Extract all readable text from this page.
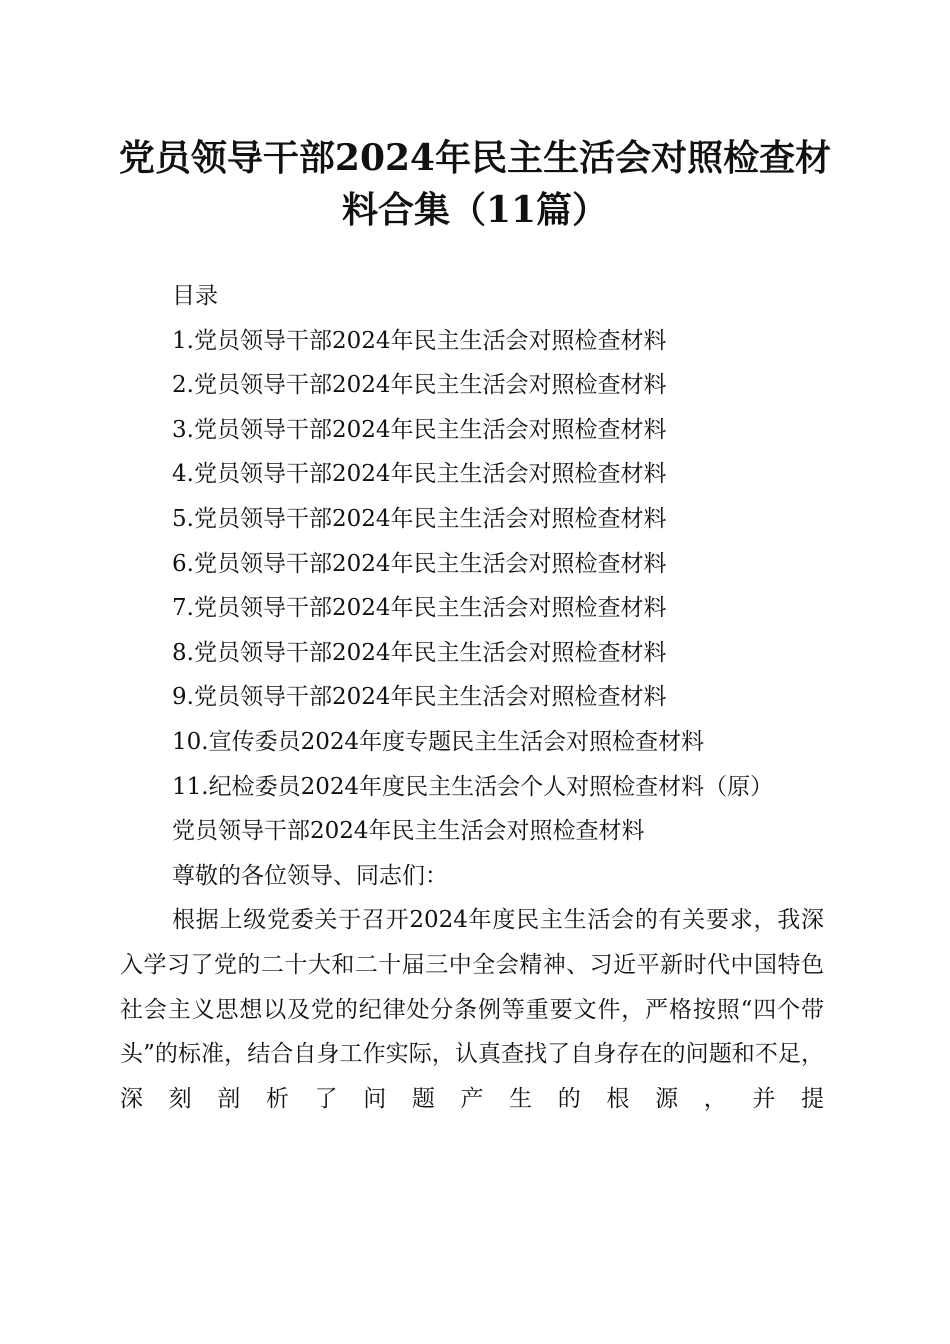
党员领导干部2024年民主生活会对照检查材料合集（11篇）
目录
1.党员领导干部2024年民主生活会对照检查材料
2.党员领导干部2024年民主生活会对照检查材料
3.党员领导干部2024年民主生活会对照检查材料
4.党员领导干部2024年民主生活会对照检查材料
5.党员领导干部2024年民主生活会对照检查材料
6.党员领导干部2024年民主生活会对照检查材料
7.党员领导干部2024年民主生活会对照检查材料
8.党员领导干部2024年民主生活会对照检查材料
9.党员领导干部2024年民主生活会对照检查材料
10.宣传委员2024年度专题民主生活会对照检查材料
11.纪检委员2024年度民主生活会个人对照检查材料（原）
党员领导干部2024年民主生活会对照检查材料
尊敬的各位领导、同志们：
根据上级党委关于召开2024年度民主生活会的有关要求，我深入学习了党的二十大和二十届三中全会精神、习近平新时代中国特色社会主义思想以及党的纪律处分条例等重要文件，严格按照“四个带头”的标准，结合自身工作实际，认真查找了自身存在的问题和不足，深刻剖析了问题产生的根源，并提
